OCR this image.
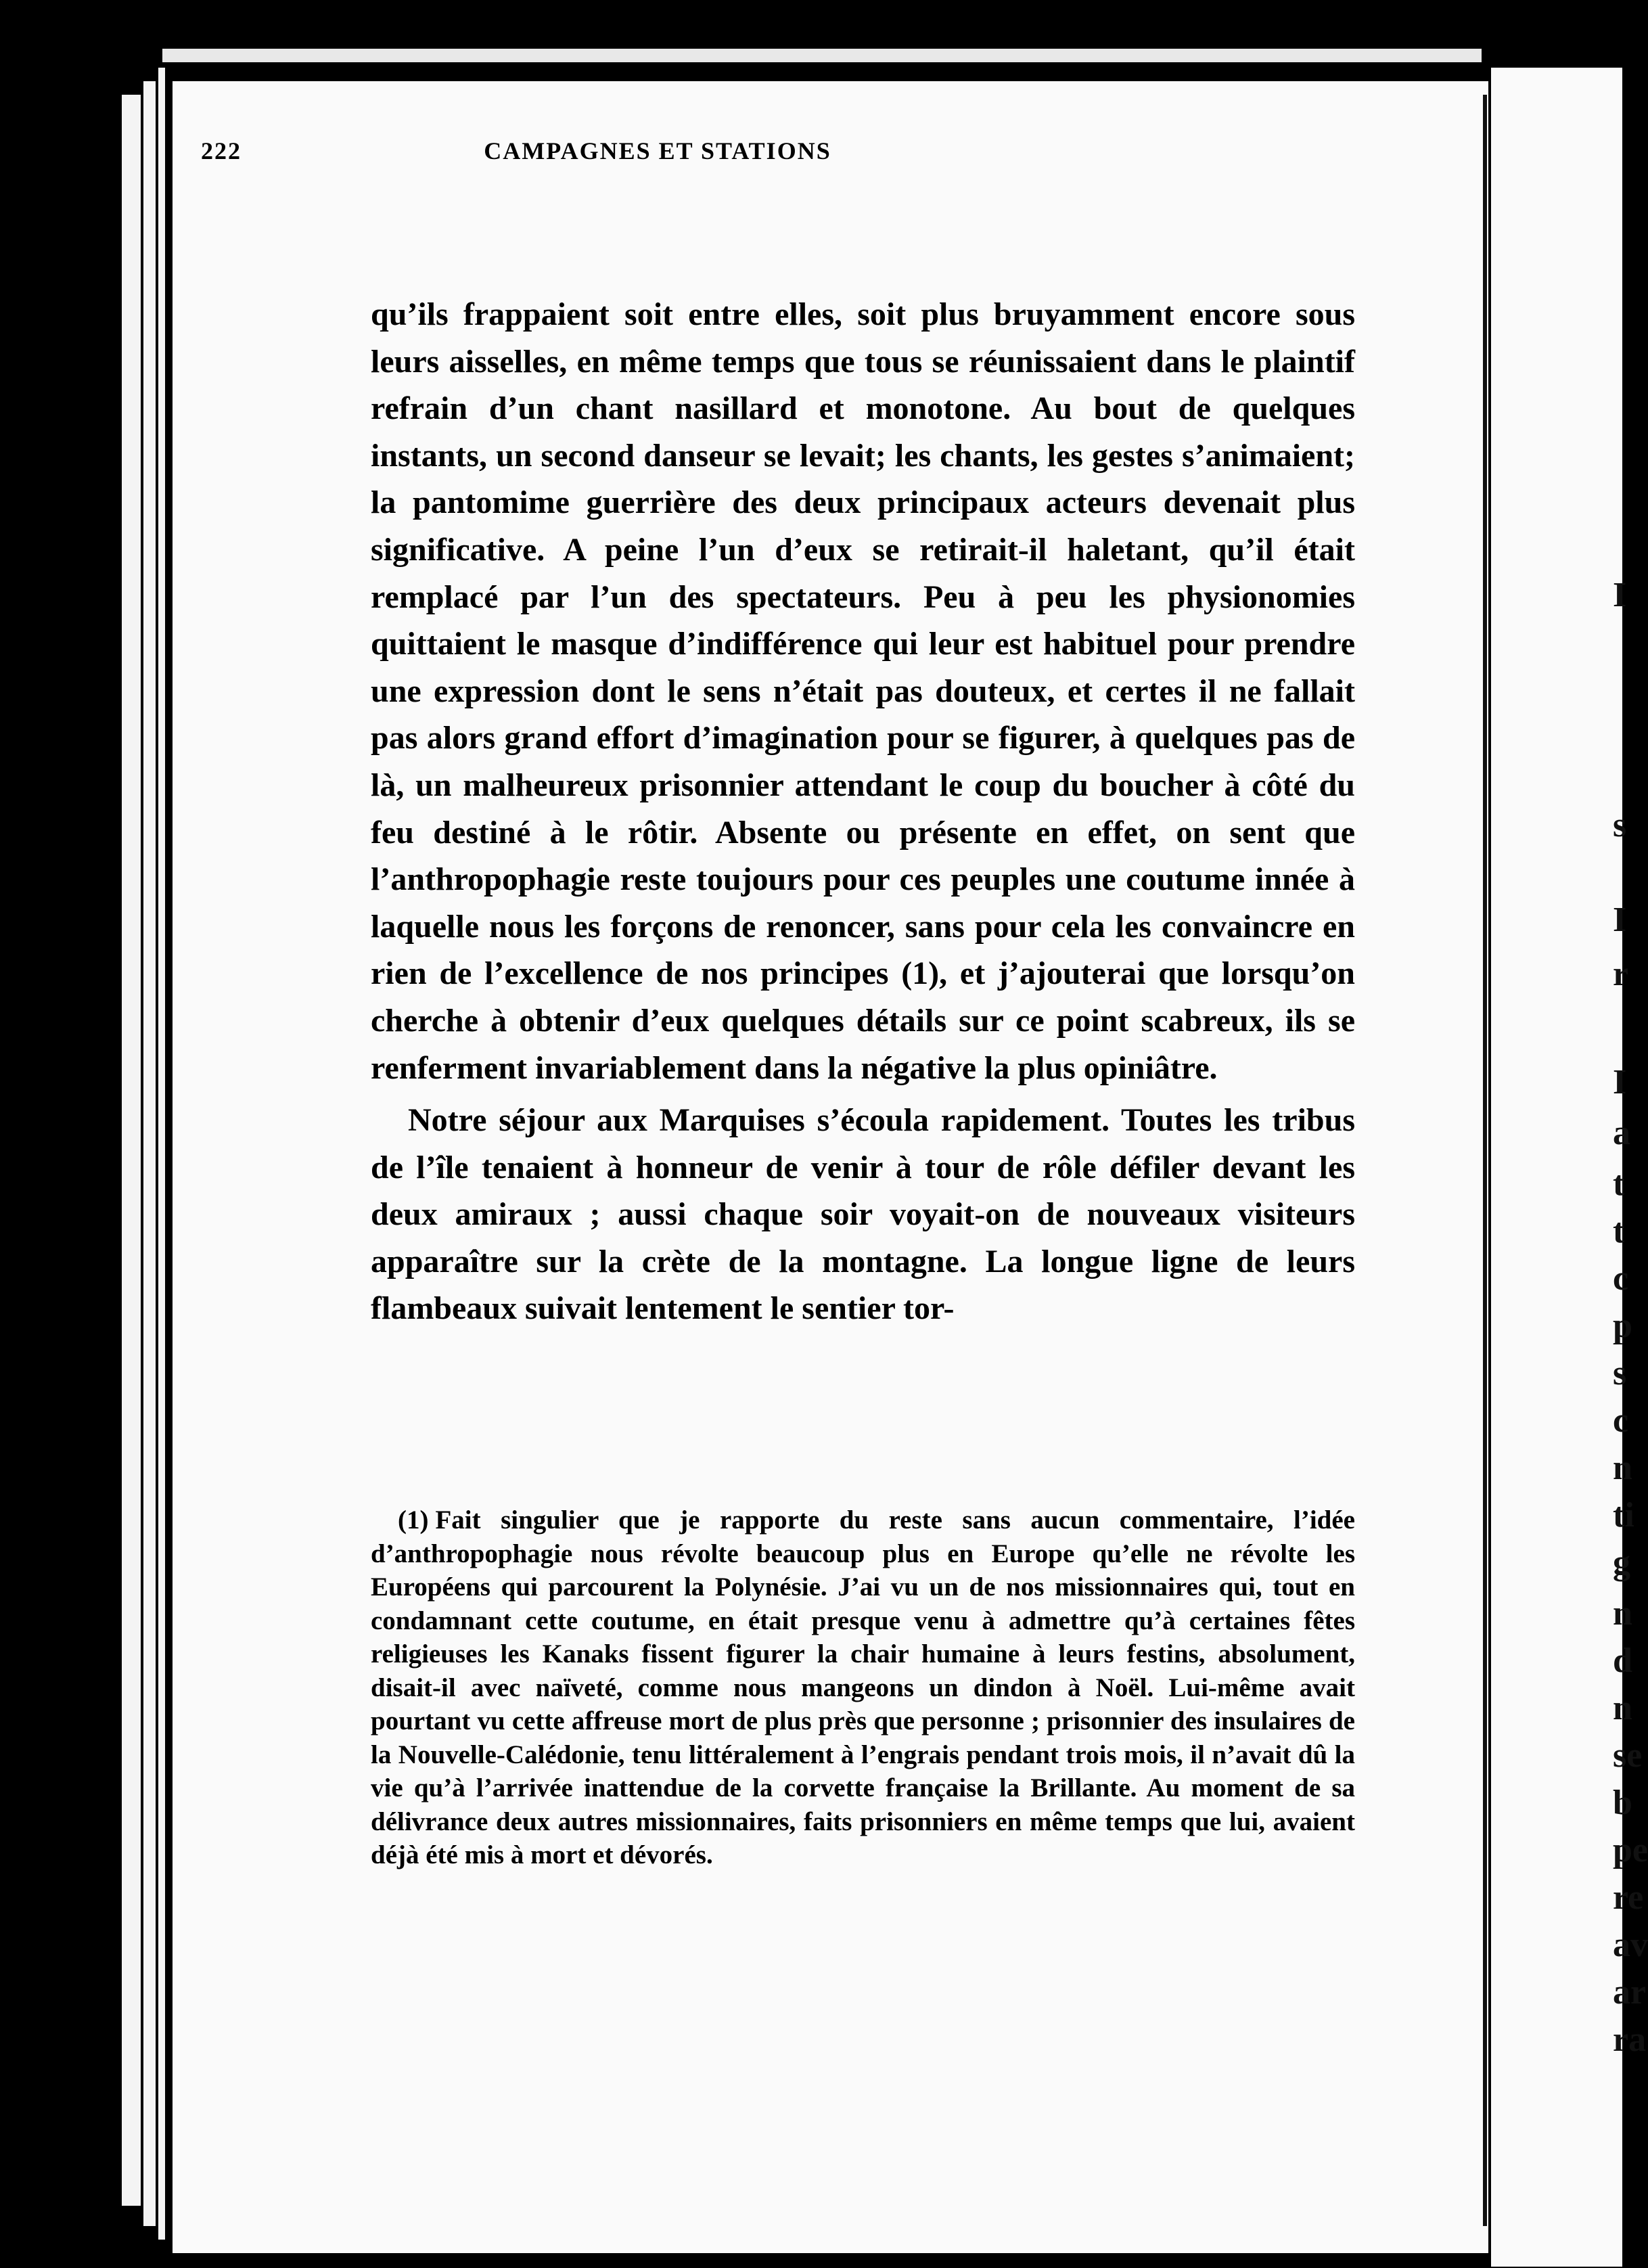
222	CAMPAGNES ET STATIONS

qu’ils frappaient soit entre elles, soit plus bruyamment encore sous leurs aisselles, en même temps que tous se réunissaient dans le plaintif refrain d’un chant nasillard et monotone. Au bout de quelques instants, un second danseur se levait; les chants, les gestes s’animaient; la pantomime guerrière des deux principaux acteurs devenait plus significative. A peine l’un d’eux se retirait-il haletant, qu’il était remplacé par l’un des spectateurs. Peu à peu les physionomies quittaient le masque d’indifférence qui leur est habituel pour prendre une expression dont le sens n’était pas douteux, et certes il ne fallait pas alors grand effort d’imagination pour se figurer, à quelques pas de là, un malheureux prisonnier attendant le coup du boucher à côté du feu destiné à le rôtir. Absente ou présente en effet, on sent que l’anthropophagie reste toujours pour ces peuples une coutume innée à laquelle nous les forçons de renoncer, sans pour cela les convaincre en rien de l’excellence de nos principes (1), et j’ajouterai que lorsqu’on cherche à obtenir d’eux quelques détails sur ce point scabreux, ils se renferment invariablement dans la négative la plus opiniâtre.

Notre séjour aux Marquises s’écoula rapidement. Toutes les tribus de l’île tenaient à honneur de venir à tour de rôle défiler devant les deux amiraux ; aussi chaque soir voyait-on de nouveaux visiteurs apparaître sur la crète de la montagne. La longue ligne de leurs flambeaux suivait lentement le sentier tor-

(1) Fait singulier que je rapporte du reste sans aucun commentaire, l’idée d’anthropophagie nous révolte beaucoup plus en Europe qu’elle ne révolte les Européens qui parcourent la Polynésie. J’ai vu un de nos missionnaires qui, tout en condamnant cette coutume, en était presque venu à admettre qu’à certaines fêtes religieuses les Kanaks fissent figurer la chair humaine à leurs festins, absolument, disait-il avec naïveté, comme nous mangeons un dindon à Noël. Lui-même avait pourtant vu cette affreuse mort de plus près que personne ; prisonnier des insulaires de la Nouvelle-Calédonie, tenu littéralement à l’engrais pendant trois mois, il n’avait dû la vie qu’à l’arrivée inattendue de la corvette française la Brillante. Au moment de sa délivrance deux autres missionnaires, faits prisonniers en même temps que lui, avaient déjà été mis à mort et dévorés.

I
s
I
r
I
a
t
t
c
p
s
c
n
ti
g
n
d
n
se
b
pe
re
av
ar
ra
